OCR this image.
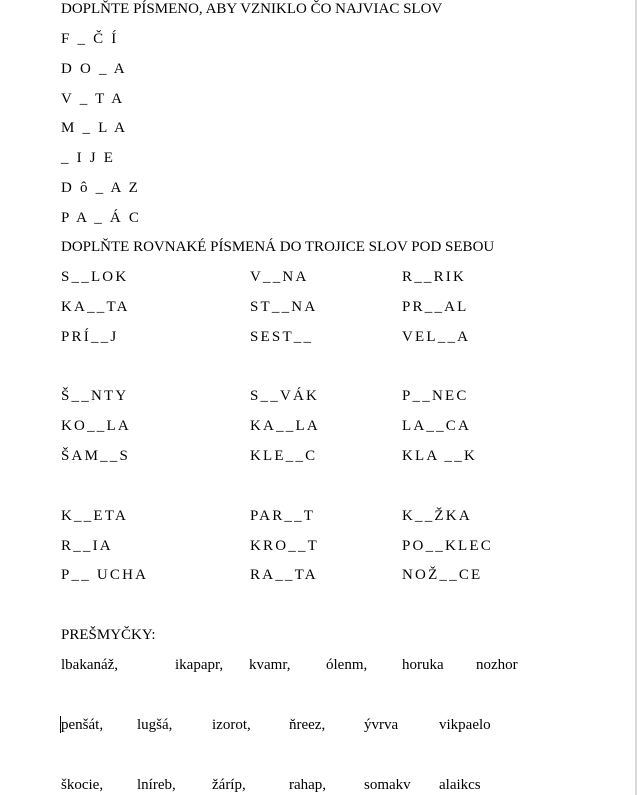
DOPLŇTE PÍSMENO, ABY VZNIKLO ČO NAJVIAC SLOV
F _ Č Í
D O _ A
V _ T A
M _ L A
_ I J E
D ô _ A Z
P A _ Á C
DOPLŇTE ROVNAKÉ PÍSMENÁ DO TROJICE SLOV POD SEBOU
S__LOK	V__NA	R__RIK
KA__TA	ST__NA	PR__AL
PRÍ__J	SEST__	VEL__A
Š__NTY	S__VÁK	P__NEC
KO__LA	KA__LA	LA__CA
ŠAM__S	KLE__C	KLA __K
K__ETA	PAR__T	K__ŽKA
R__IA	KRO__T	PO__KLEC
P__ UCHA	RA__TA	NOŽ__CE
PREŠMYČKY:
lbakanáž,	ikapapr, kvamr, ólenm, horuka nozhor
penšát, lugšá,	izorot,	ňreez,	ývrva	vikpaelo
škocie, lníreb, žáríp,	rahap,	somakv alaikcs
